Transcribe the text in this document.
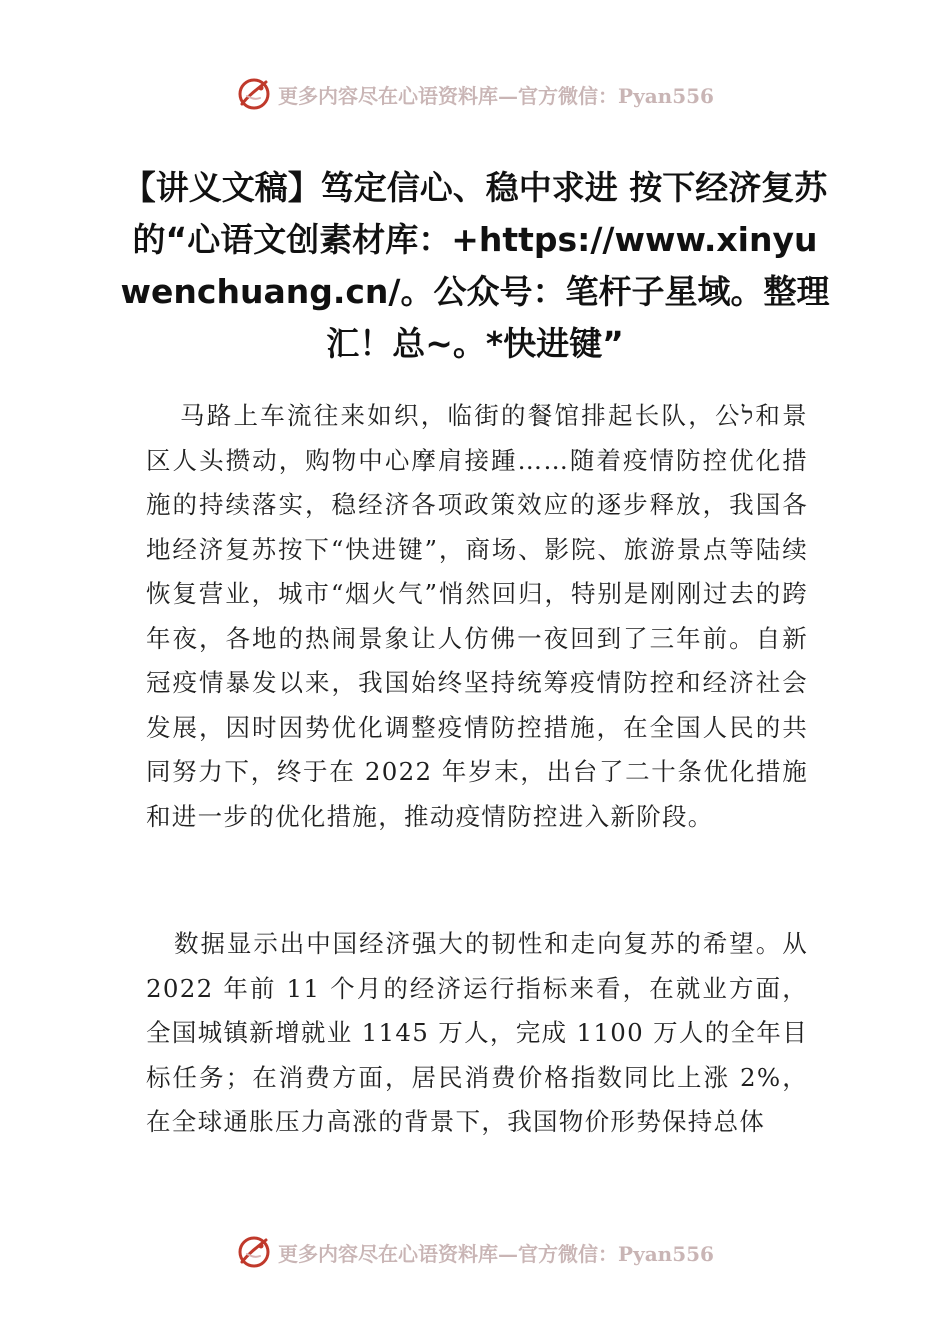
更多内容尽在心语资料库—官方微信：Pyan556
【讲义文稿】笃定信心、稳中求进 按下经济复苏的“心语文创素材库：+https://www.xinyuwenchuang.cn/。公众号：笔杆子星域。整理汇！总~。*快进键”

马路上车流往来如织，临街的餐馆排起长队，公ל和景区人头攒动，购物中心摩肩接踵……随着疫情防控优化措施的持续落实，稳经济各项政策效应的逐步释放，我国各地经济复苏按下“快进键”，商场、影院、旅游景点等陆续恢复营业，城市“烟火气”悄然回归，特别是刚刚过去的跨年夜，各地的热闹景象让人仿佛一夜回到了三年前。自新冠疫情暴发以来，我国始终坚持统筹疫情防控和经济社会发展，因时因势优化调整疫情防控措施，在全国人民的共同努力下，终于在 2022 年岁末，出台了二十条优化措施和进一步的优化措施，推动疫情防控进入新阶段。

数据显示出中国经济强大的韧性和走向复苏的希望。从 2022 年前 11 个月的经济运行指标来看，在就业方面，全国城镇新增就业 1145 万人，完成 1100 万人的全年目标任务；在消费方面，居民消费价格指数同比上涨 2%， 在全球通胀压力高涨的背景下，我国物价形势保持总体

更多内容尽在心语资料库—官方微信：Pyan556
